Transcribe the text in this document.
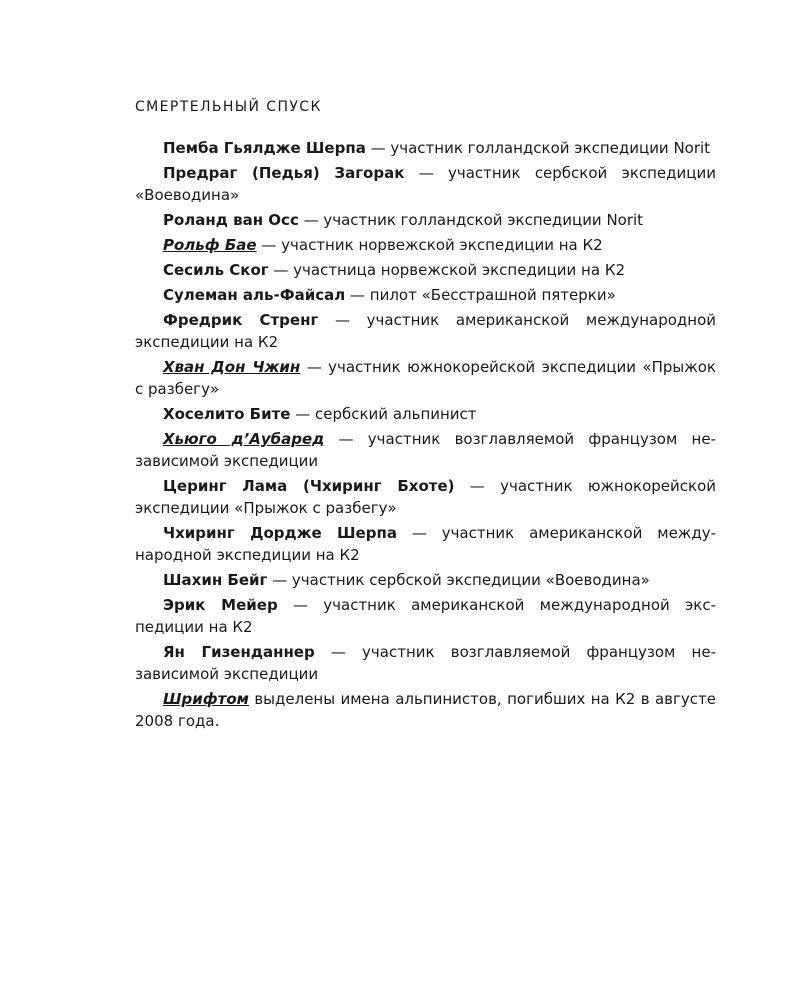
СМЕРТЕЛЬНЫЙ СПУСК

Пемба Гьялдже Шерпа — участник голландской экспедиции Norit

Предраг (Педья) Загорак — участник сербской экспедиции «Воеводина»

Роланд ван Осс — участник голландской экспедиции Norit

Рольф Бае — участник норвежской экспедиции на К2

Сесиль Ског — участница норвежской экспедиции на К2

Сулеман аль-Файсал — пилот «Бесстрашной пятерки»

Фредрик Стренг — участник американской международной экспедиции на К2

Хван Дон Чжин — участник южнокорейской экспедиции «Прыжок с разбегу»

Хоселито Бите — сербский альпинист

Хьюго д’Аубаред — участник возглавляемой французом независимой экспедиции

Церинг Лама (Чхиринг Бхоте) — участник южнокорейской экспедиции «Прыжок с разбегу»

Чхиринг Дордже Шерпа — участник американской международной экспедиции на К2

Шахин Бейг — участник сербской экспедиции «Воеводина»

Эрик Мейер — участник американской международной экспедиции на К2

Ян Гизенданнер — участник возглавляемой французом независимой экспедиции

Шрифтом выделены имена альпинистов, погибших на К2 в августе 2008 года.
